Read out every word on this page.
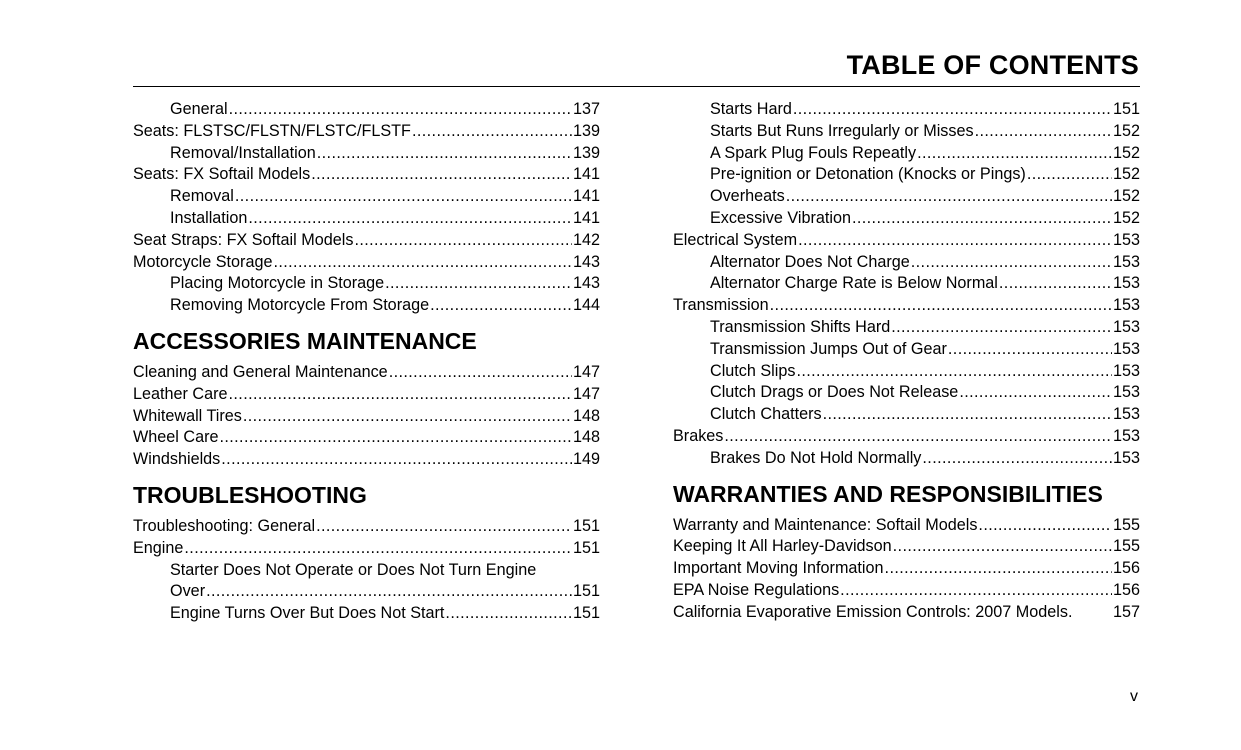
TABLE OF CONTENTS
General .....	137
Seats: FLSTSC/FLSTN/FLSTC/FLSTF .....	139
Removal/Installation .....	139
Seats: FX Softail Models .....	141
Removal .....	141
Installation .....	141
Seat Straps: FX Softail Models .....	142
Motorcycle Storage .....	143
Placing Motorcycle in Storage .....	143
Removing Motorcycle From Storage .....	144
ACCESSORIES MAINTENANCE
Cleaning and General Maintenance .....	147
Leather Care .....	147
Whitewall Tires .....	148
Wheel Care .....	148
Windshields .....	149
TROUBLESHOOTING
Troubleshooting: General .....	151
Engine .....	151
Starter Does Not Operate or Does Not Turn Engine
Over .....	151
Engine Turns Over But Does Not Start .....	151
Starts Hard .....	151
Starts But Runs Irregularly or Misses .....	152
A Spark Plug Fouls Repeatly .....	152
Pre-ignition or Detonation (Knocks or Pings) .....	152
Overheats .....	152
Excessive Vibration .....	152
Electrical System .....	153
Alternator Does Not Charge .....	153
Alternator Charge Rate is Below Normal .....	153
Transmission .....	153
Transmission Shifts Hard .....	153
Transmission Jumps Out of Gear .....	153
Clutch Slips .....	153
Clutch Drags or Does Not Release .....	153
Clutch Chatters .....	153
Brakes .....	153
Brakes Do Not Hold Normally .....	153
WARRANTIES AND RESPONSIBILITIES
Warranty and Maintenance: Softail Models .....	155
Keeping It All Harley-Davidson .....	155
Important Moving Information .....	156
EPA Noise Regulations .....	156
California Evaporative Emission Controls: 2007 Models.	157
v
